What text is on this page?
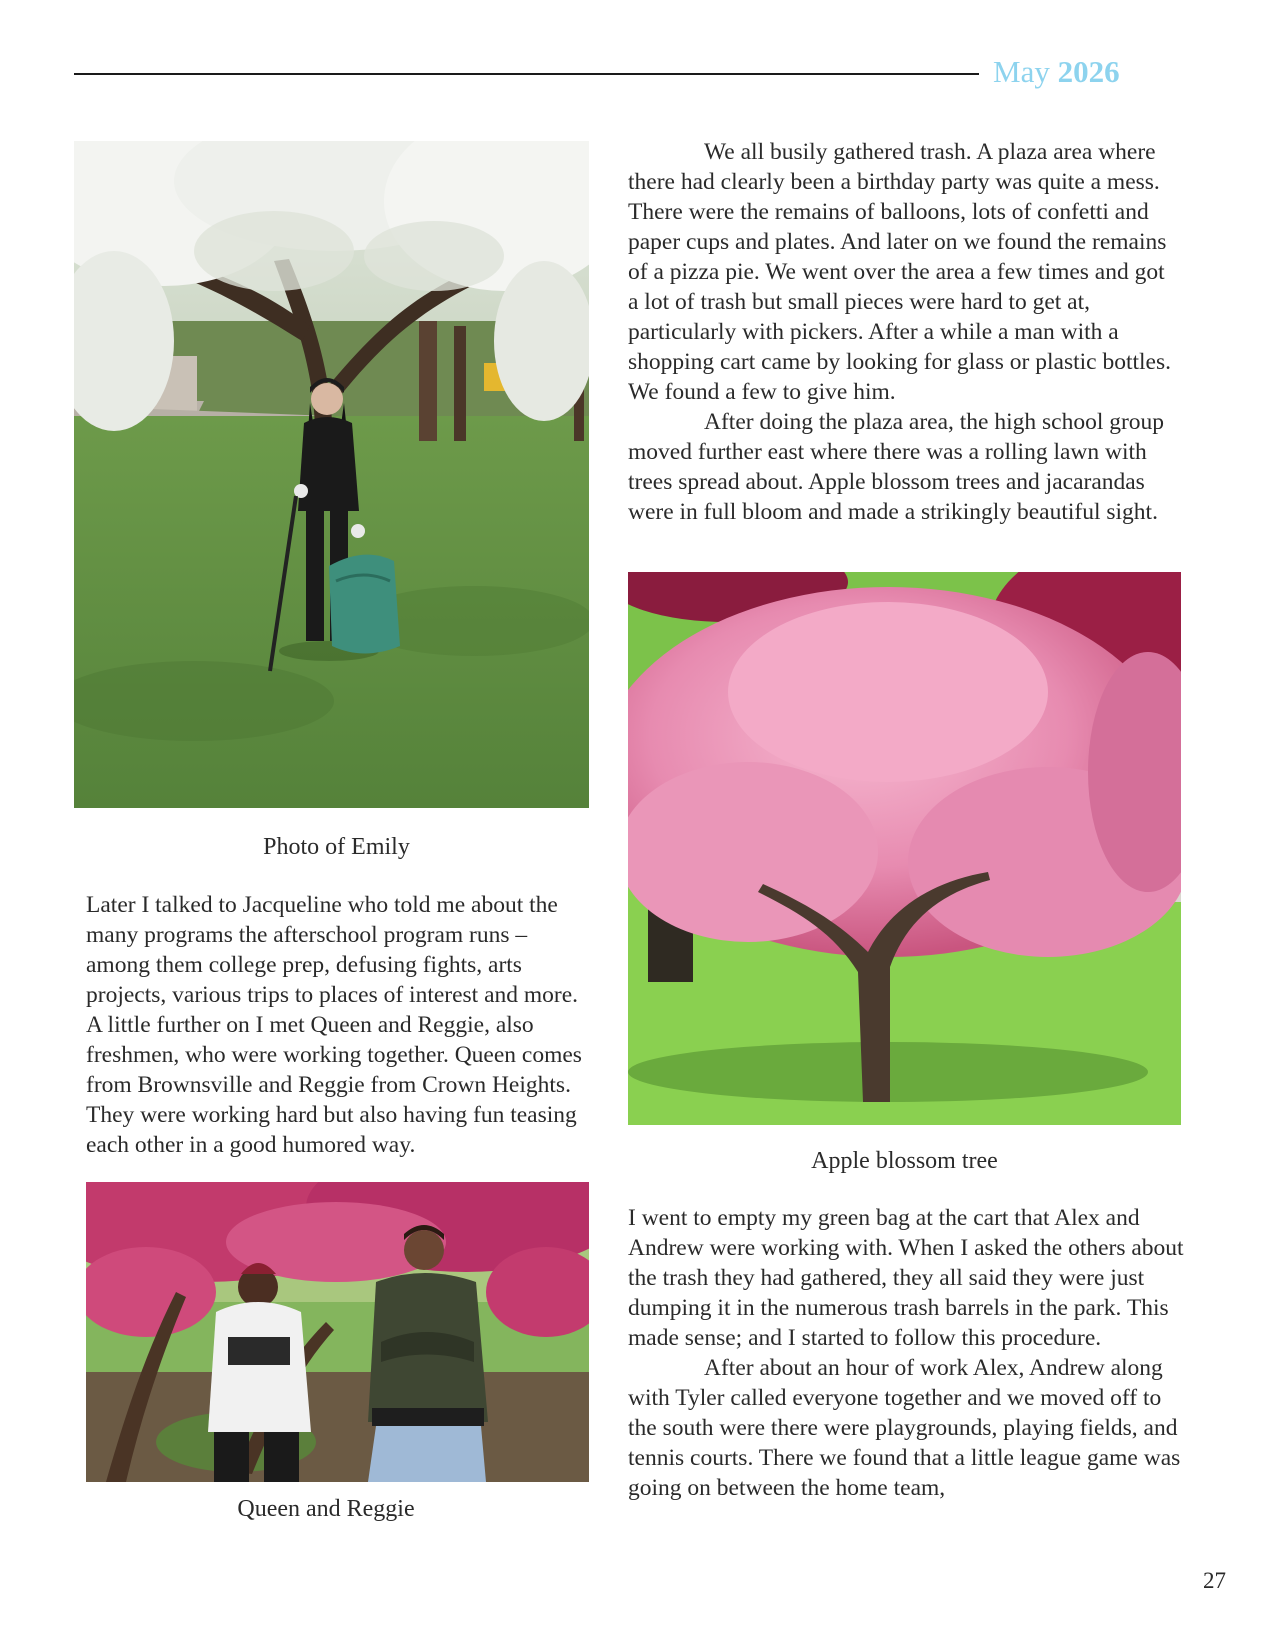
May 2026
Photo of Emily

Later I talked to Jacqueline who told me about the many programs the afterschool program runs – among them college prep, defusing fights, arts projects, various trips to places of interest and more. A little further on I met Queen and Reggie, also freshmen, who were working together. Queen comes from Brownsville and Reggie from Crown Heights. They were working hard but also having fun teasing each other in a good humored way.

Queen and Reggie

We all busily gathered trash. A plaza area where there had clearly been a birthday party was quite a mess. There were the remains of balloons, lots of confetti and paper cups and plates. And later on we found the remains of a pizza pie. We went over the area a few times and got a lot of trash but small pieces were hard to get at, particularly with pickers. After a while a man with a shopping cart came by looking for glass or plastic bottles. We found a few to give him.

After doing the plaza area, the high school group moved further east where there was a rolling lawn with trees spread about. Apple blossom trees and jacarandas were in full bloom and made a strikingly beautiful sight.

Apple blossom tree

I went to empty my green bag at the cart that Alex and Andrew were working with. When I asked the others about the trash they had gathered, they all said they were just dumping it in the numerous trash barrels in the park. This made sense; and I started to follow this procedure.

After about an hour of work Alex, Andrew along with Tyler called everyone together and we moved off to the south were there were playgrounds, playing fields, and tennis courts. There we found that a little league game was going on between the home team,

27
